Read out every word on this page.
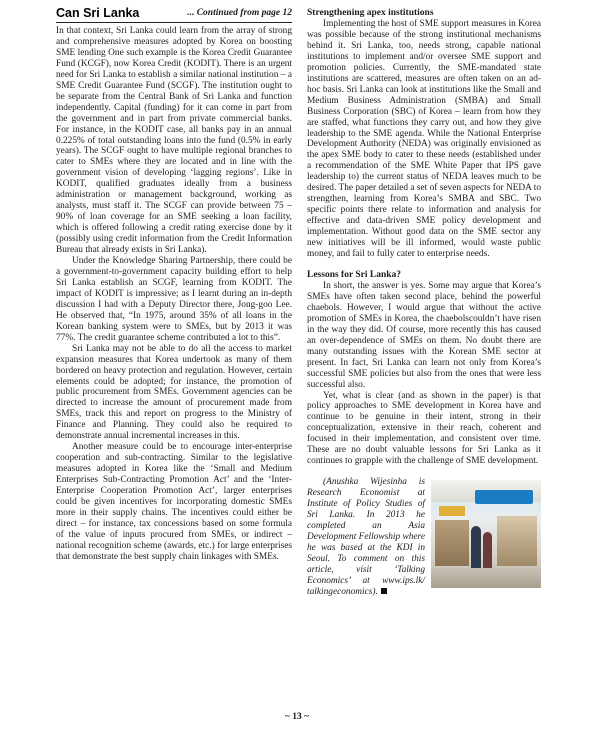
Can Sri Lanka	... Continued from page 12

In that context, Sri Lanka could learn from the array of strong and comprehensive measures adopted by Korea on boosting SME lending One such example is the Korea Credit Guarantee Fund (KCGF), now Korea Credit (KODIT). There is an urgent need for Sri Lanka to establish a similar national institution – a SME Credit Guarantee Fund (SCGF). The institution ought to be separate from the Central Bank of Sri Lanka and function independently. Capital (funding) for it can come in part from the government and in part from private commercial banks. For instance, in the KODIT case, all banks pay in an annual 0.225% of total outstanding loans into the fund (0.5% in early years). The SCGF ought to have multiple regional branches to cater to SMEs where they are located and in line with the government vision of developing ‘lagging regions’. Like in KODIT, qualified graduates ideally from a business administration or management background, working as analysts, must staff it. The SCGF can provide between 75 – 90% of loan coverage for an SME seeking a loan facility, which is offered following a credit rating exercise done by it (possibly using credit information from the Credit Information Bureau that already exists in Sri Lanka).

Under the Knowledge Sharing Partnership, there could be a government-to-government capacity building effort to help Sri Lanka establish an SCGF, learning from KODIT. The impact of KODIT is impressive; as I learnt during an in-depth discussion I had with a Deputy Director there, Jong-goo Lee. He observed that, “In 1975, around 35% of all loans in the Korean banking system were to SMEs, but by 2013 it was 77%. The credit guarantee scheme contributed a lot to this”.

Sri Lanka may not be able to do all the access to market expansion measures that Korea undertook as many of them bordered on heavy protection and regulation. However, certain elements could be adopted; for instance, the promotion of public procurement from SMEs. Government agencies can be directed to increase the amount of procurement made from SMEs, track this and report on progress to the Ministry of Finance and Planning. They could also be required to demonstrate annual incremental increases in this.

Another measure could be to encourage inter-enterprise cooperation and sub-contracting. Similar to the legislative measures adopted in Korea like the ‘Small and Medium Enterprises Sub-Contracting Promotion Act’ and the ‘Inter-Enterprise Cooperation Promotion Act’, larger enterprises could be given incentives for incorporating domestic SMEs more in their supply chains. The incentives could either be direct – for instance, tax concessions based on some formula of the value of inputs procured from SMEs, or indirect – national recognition scheme (awards, etc.) for large enterprises that demonstrate the best supply chain linkages with SMEs.

Strengthening apex institutions

Implementing the host of SME support measures in Korea was possible because of the strong institutional mechanisms behind it. Sri Lanka, too, needs strong, capable national institutions to implement and/or oversee SME support and promotion policies. Currently, the SME-mandated state institutions are scattered, measures are often taken on an ad-hoc basis. Sri Lanka can look at institutions like the Small and Medium Business Administration (SMBA) and Small Business Corporation (SBC) of Korea – learn from how they are staffed, what functions they carry out, and how they give leadership to the SME agenda. While the National Enterprise Development Authority (NEDA) was originally envisioned as the apex SME body to cater to these needs (established under a recommendation of the SME White Paper that IPS gave leadership to) the current status of NEDA leaves much to be desired. The paper detailed a set of seven aspects for NEDA to strengthen, learning from Korea’s SMBA and SBC. Two specific points there relate to information and analysis for effective and data-driven SME policy development and implementation. Without good data on the SME sector any new initiatives will be ill informed, would waste public money, and fail to fully cater to enterprise needs.

Lessons for Sri Lanka?

In short, the answer is yes. Some may argue that Korea’s SMEs have often taken second place, behind the powerful chaebols. However, I would argue that without the active promotion of SMEs in Korea, the chaebolscouldn’t have risen in the way they did. Of course, more recently this has caused an over-dependence of SMEs on them. No doubt there are many outstanding issues with the Korean SME sector at present. In fact, Sri Lanka can learn not only from Korea’s successful SME policies but also from the ones that were less successful also.

Yet, what is clear (and as shown in the paper) is that policy approaches to SME development in Korea have and continue to be genuine in their intent, strong in their conceptualization, extensive in their reach, coherent and focused in their implementation, and consistent over time. These are no doubt valuable lessons for Sri Lanka as it continues to grapple with the challenge of SME development.

(Anushka Wijesinha is Research Economist at Institute of Policy Studies of Sri Lanka. In 2013 he completed an Asia Development Fellowship where he was based at the KDI in Seoul. To comment on this article, visit ‘Talking Economics’ at www.ips.lk/ talkingeconomics).
~ 13 ~
